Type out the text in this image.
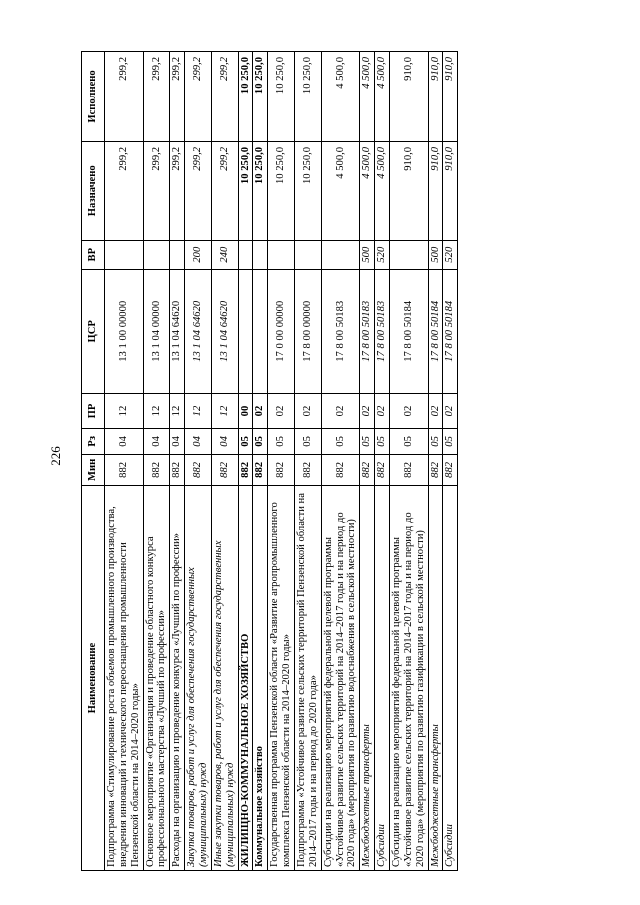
226
Наименование	Мин	Рз	ПР	ЦСР	ВР	Назначено	Исполнено
Подпрограмма «Стимулирование роста объемов промышленного производства, внедрения инноваций и технического переоснащения промышленности Пензенской области на 2014–2020 годы»	882	04	12	13 1 00 00000		299,2	299,2
Основное мероприятие «Организация и проведение областного конкурса профессионального мастерства «Лучший по профессии»	882	04	12	13 1 04 00000		299,2	299,2
Расходы на организацию и проведение конкурса «Лучший по профессии»	882	04	12	13 1 04 64620		299,2	299,2
Закупка товаров, работ и услуг для обеспечения государственных (муниципальных) нужд	882	04	12	13 1 04 64620	200	299,2	299,2
Иные закупки товаров, работ и услуг для обеспечения государственных (муниципальных) нужд	882	04	12	13 1 04 64620	240	299,2	299,2
ЖИЛИЩНО-КОММУНАЛЬНОЕ ХОЗЯЙСТВО	882	05	00			10 250,0	10 250,0
Коммунальное хозяйство	882	05	02			10 250,0	10 250,0
Государственная программа Пензенской области «Развитие агропромышленного комплекса Пензенской области на 2014–2020 годы»	882	05	02	17 0 00 00000		10 250,0	10 250,0
Подпрограмма «Устойчивое развитие сельских территорий Пензенской области на 2014–2017 годы и на период до 2020 года»	882	05	02	17 8 00 00000		10 250,0	10 250,0
Субсидии на реализацию мероприятий федеральной целевой программы «Устойчивое развитие сельских территорий на 2014–2017 годы и на период до 2020 года» (мероприятия по развитию водоснабжения в сельской местности)	882	05	02	17 8 00 50183		4 500,0	4 500,0
Межбюджетные трансферты	882	05	02	17 8 00 50183	500	4 500,0	4 500,0
Субсидии	882	05	02	17 8 00 50183	520	4 500,0	4 500,0
Субсидии на реализацию мероприятий федеральной целевой программы «Устойчивое развитие сельских территорий на 2014–2017 годы и на период до 2020 года» (мероприятия по развитию газификации в сельской местности)	882	05	02	17 8 00 50184		910,0	910,0
Межбюджетные трансферты	882	05	02	17 8 00 50184	500	910,0	910,0
Субсидии	882	05	02	17 8 00 50184	520	910,0	910,0
